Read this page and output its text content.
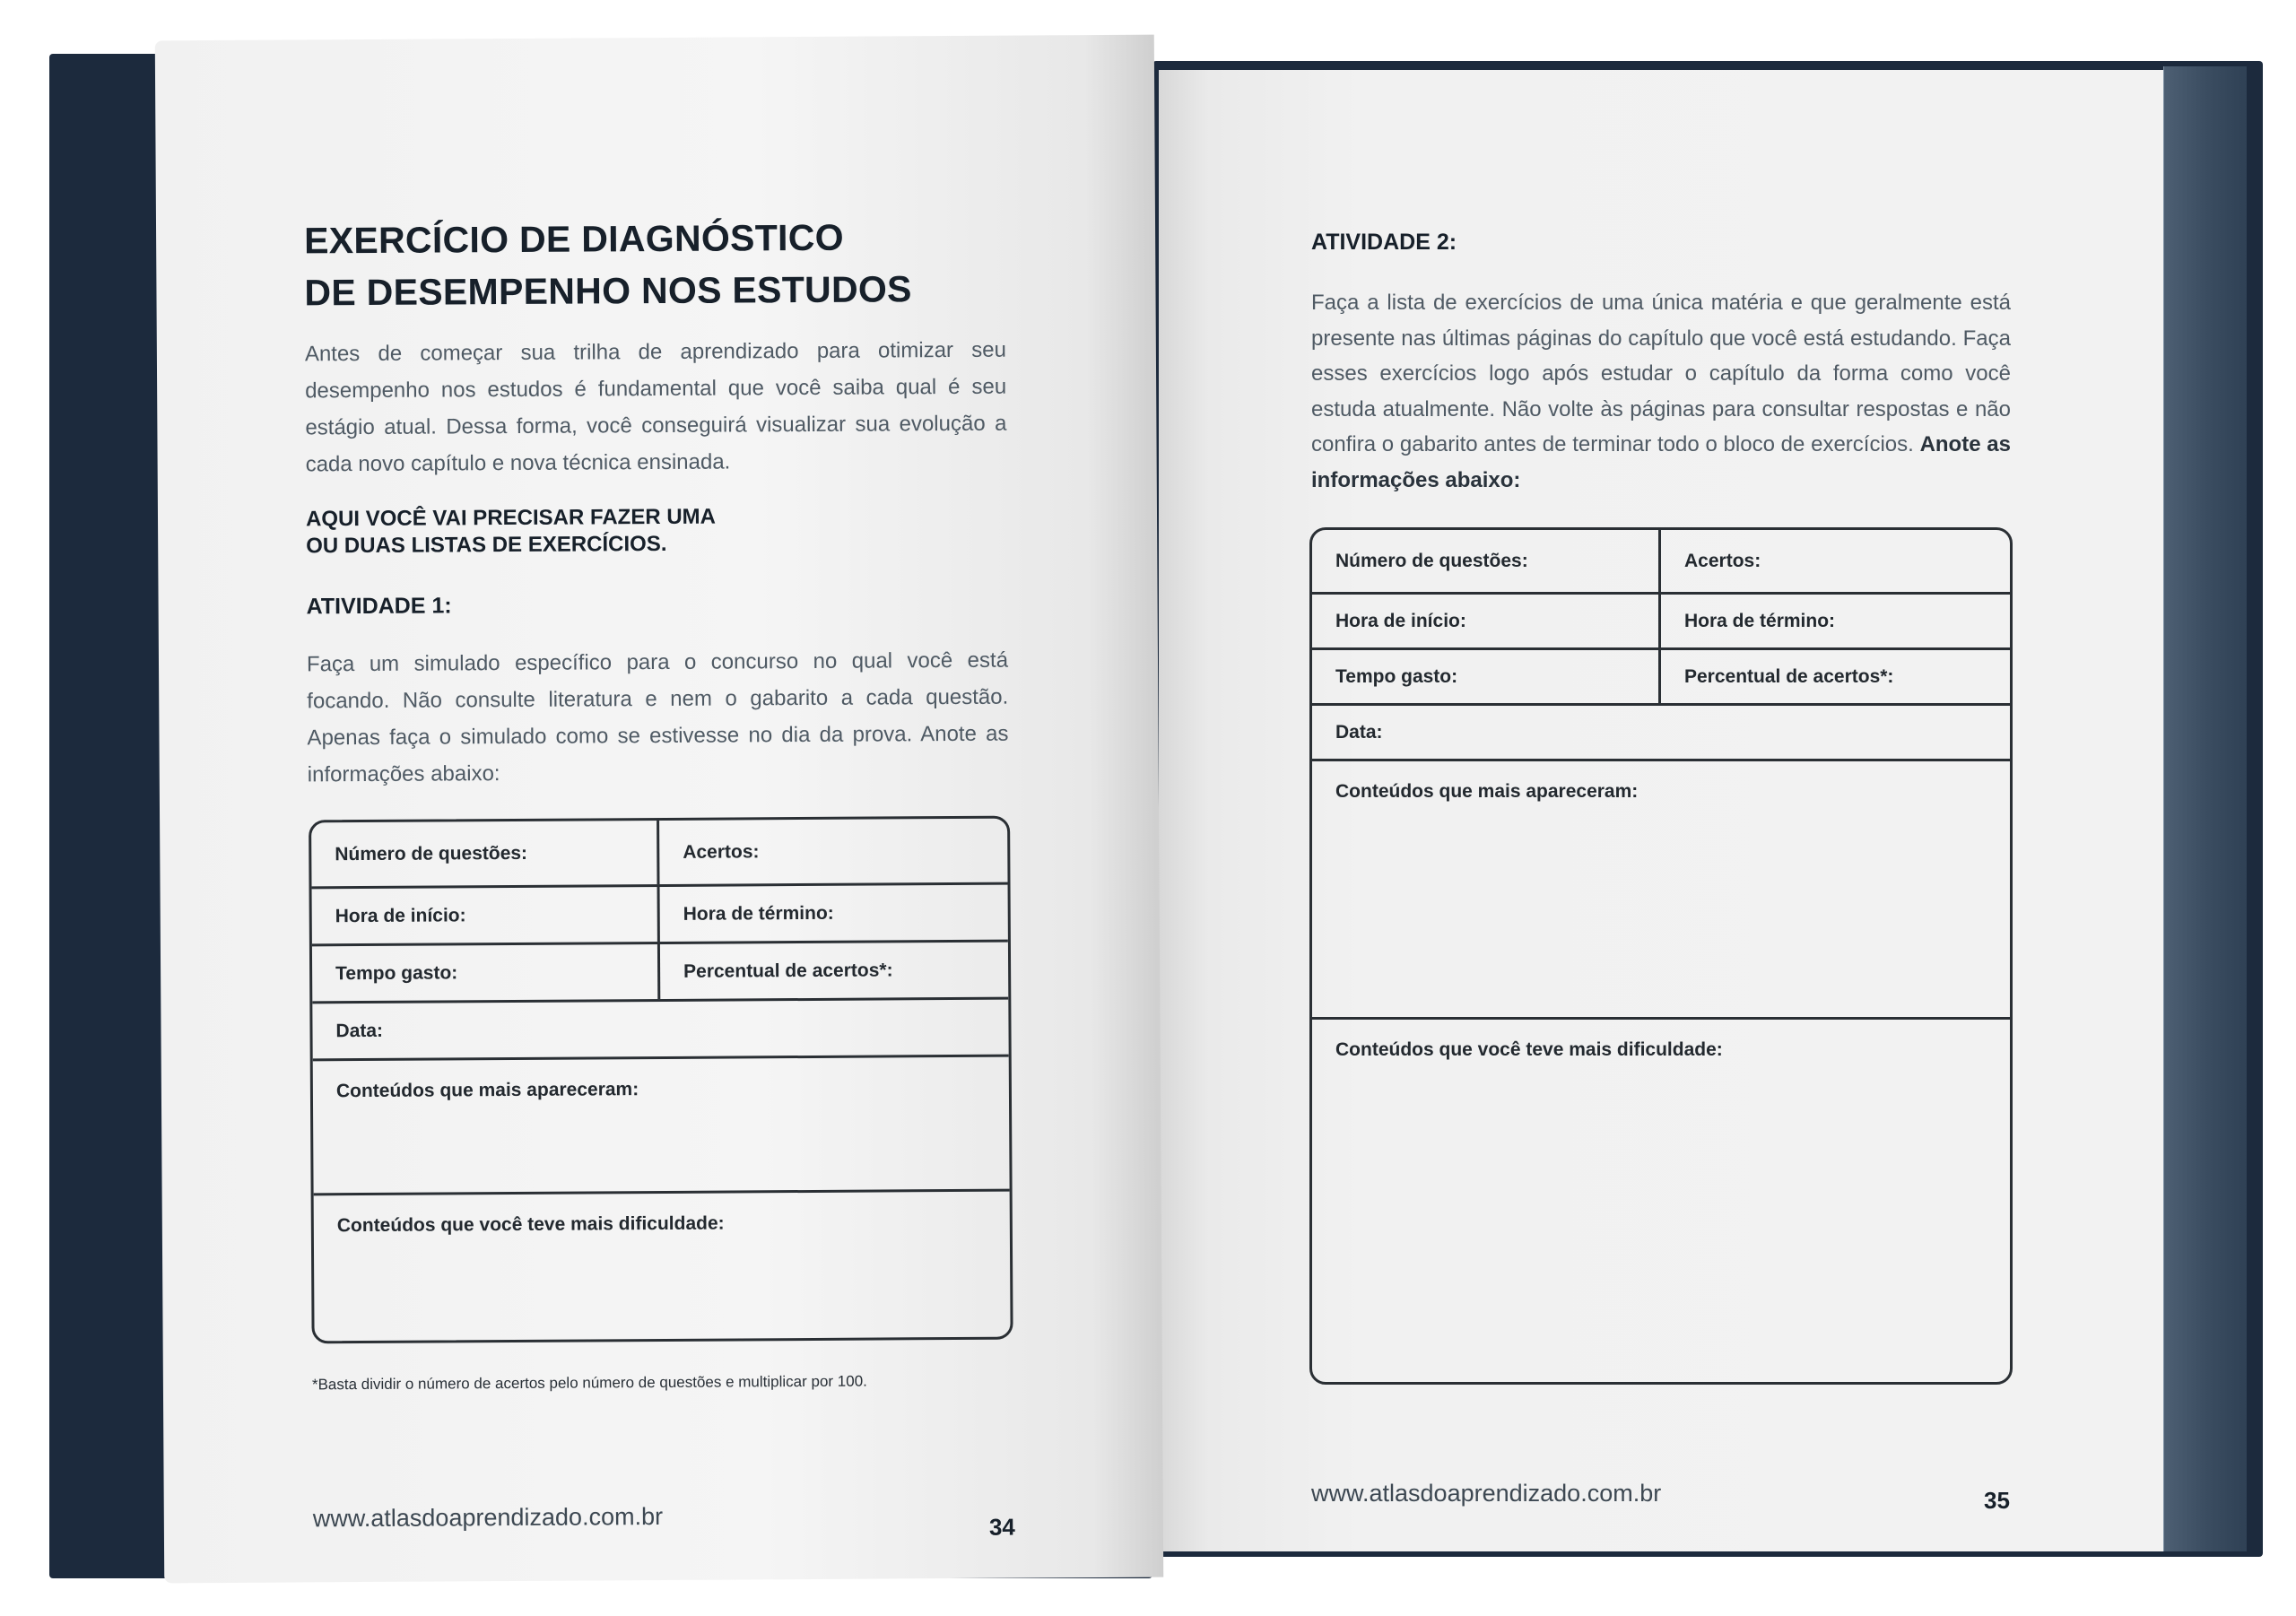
ATIVIDADE 2:

Faça a lista de exercícios de uma única matéria e que geralmente está presente nas últimas páginas do capítulo que você está estudando. Faça esses exercícios logo após estudar o capítulo da forma como você estuda atualmente. Não volte às páginas para consultar respostas e não confira o gabarito antes de terminar todo o bloco de exercícios. Anote as informações abaixo:

Número de questões:	Acertos:
Hora de início:	Hora de término:
Tempo gasto:	Percentual de acertos*:
Data:
Conteúdos que mais apareceram:
Conteúdos que você teve mais dificuldade:

www.atlasdoaprendizado.com.br	35

EXERCÍCIO DE DIAGNÓSTICO
DE DESEMPENHO NOS ESTUDOS

Antes de começar sua trilha de aprendizado para otimizar seu desempenho nos estudos é fundamental que você saiba qual é seu estágio atual. Dessa forma, você conseguirá visualizar sua evolução a cada novo capítulo e nova técnica ensinada.

AQUI VOCÊ VAI PRECISAR FAZER UMA
OU DUAS LISTAS DE EXERCÍCIOS.
ATIVIDADE 1:

Faça um simulado específico para o concurso no qual você está focando. Não consulte literatura e nem o gabarito a cada questão. Apenas faça o simulado como se estivesse no dia da prova. Anote as informações abaixo:

Número de questões:	Acertos:
Hora de início:	Hora de término:
Tempo gasto:	Percentual de acertos*:
Data:
Conteúdos que mais apareceram:
Conteúdos que você teve mais dificuldade:

*Basta dividir o número de acertos pelo número de questões e multiplicar por 100.

www.atlasdoaprendizado.com.br	34
